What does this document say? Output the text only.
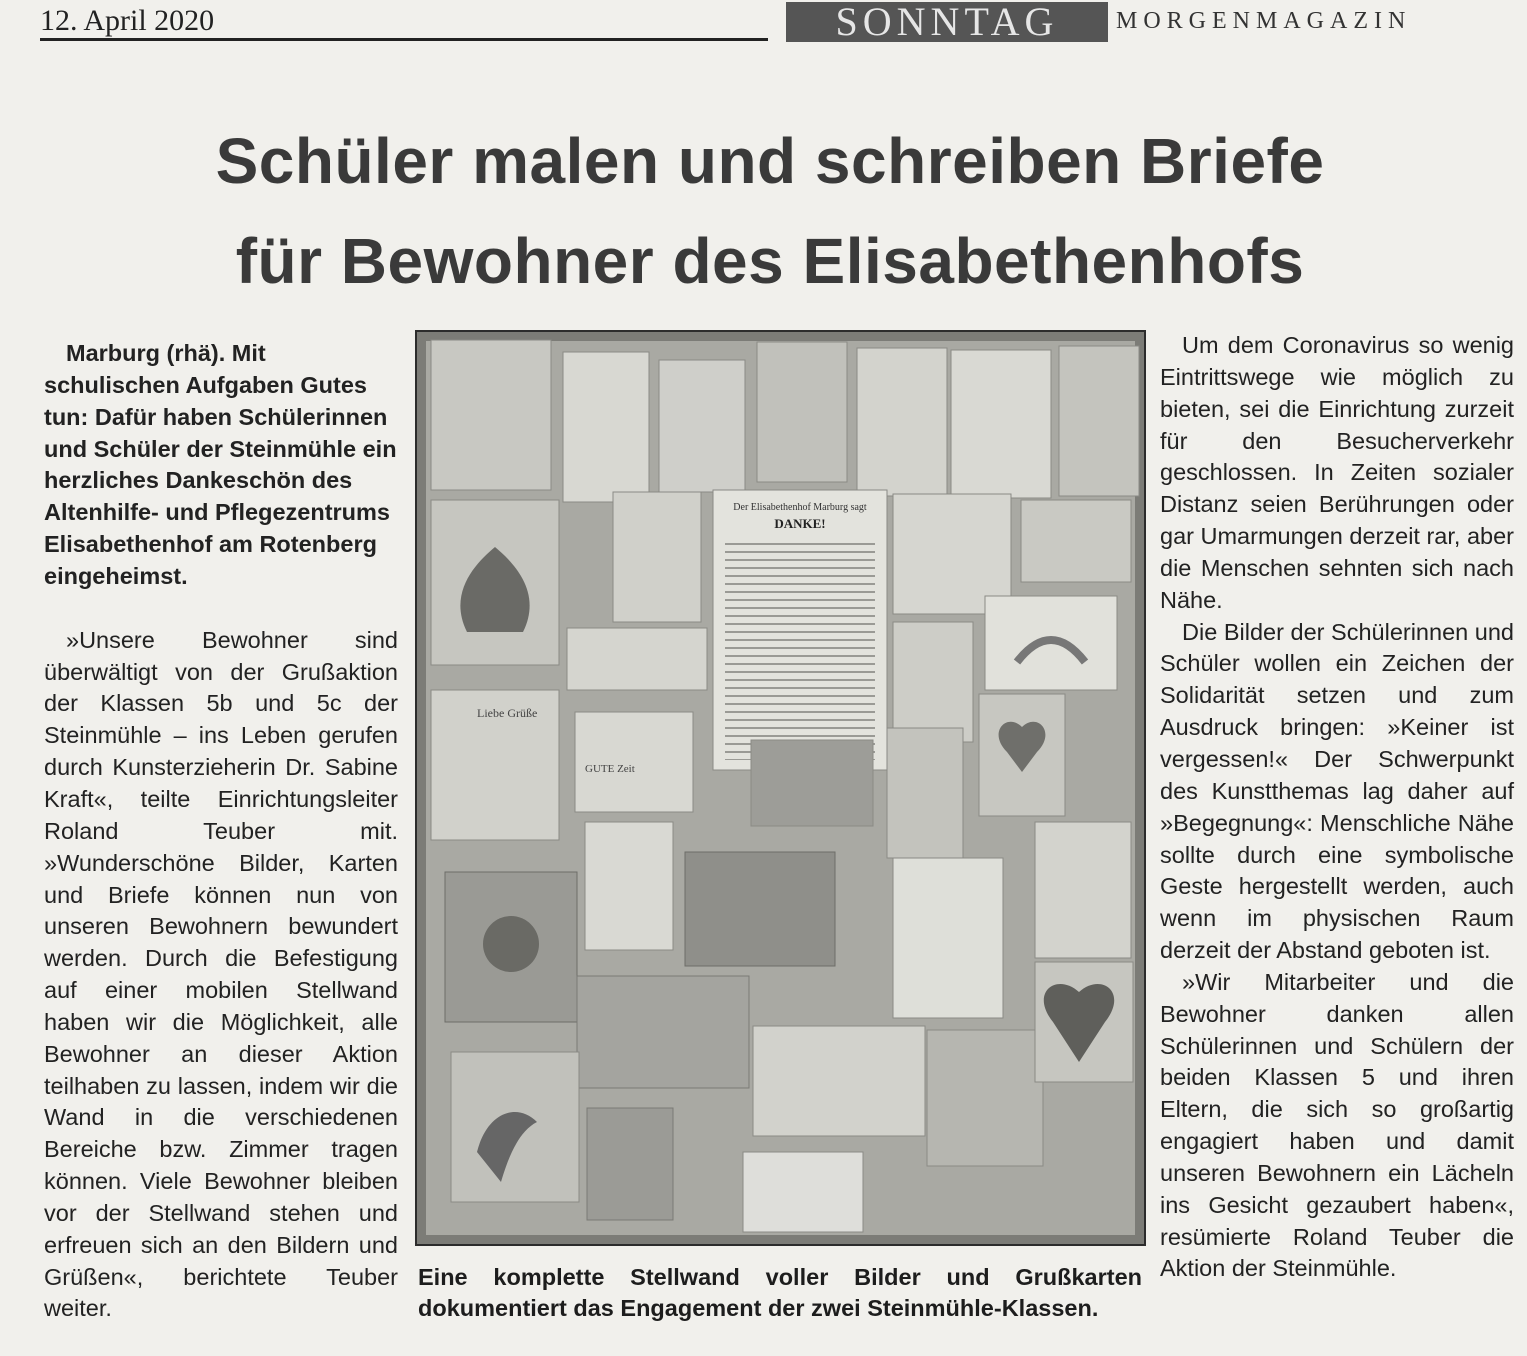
12. April 2020	SONNTAG MORGENMAGAZIN
Schüler malen und schreiben Briefe
für Bewohner des Elisabethenhofs

Marburg (rhä). Mit schulischen Aufgaben Gutes tun: Dafür haben Schülerinnen und Schüler der Steinmühle ein herzliches Dankeschön des Altenhilfe- und Pflegezentrums Elisabethenhof am Rotenberg eingeheimst.

»Unsere Bewohner sind überwältigt von der Grußaktion der Klassen 5b und 5c der Steinmühle – ins Leben gerufen durch Kunsterzieherin Dr. Sabine Kraft«, teilte Einrichtungsleiter Roland Teuber mit. »Wunderschöne Bilder, Karten und Briefe können nun von unseren Bewohnern bewundert werden. Durch die Befestigung auf einer mobilen Stellwand haben wir die Möglichkeit, alle Bewohner an dieser Aktion teilhaben zu lassen, indem wir die Wand in die verschiedenen Bereiche bzw. Zimmer tragen können. Viele Bewohner bleiben vor der Stellwand stehen und erfreuen sich an den Bildern und Grüßen«, berichtete Teuber weiter.

Der Elisabethenhof Marburg sagt
DANKE!
Liebe Grüße
GUTE Zeit
Eine komplette Stellwand voller Bilder und Grußkarten dokumentiert das Engagement der zwei Steinmühle-Klassen.

Um dem Coronavirus so wenig Eintrittswege wie möglich zu bieten, sei die Einrichtung zurzeit für den Besucherverkehr geschlossen. In Zeiten sozialer Distanz seien Berührungen oder gar Umarmungen derzeit rar, aber die Menschen sehnten sich nach Nähe.

Die Bilder der Schülerinnen und Schüler wollen ein Zeichen der Solidarität setzen und zum Ausdruck bringen: »Keiner ist vergessen!« Der Schwerpunkt des Kunstthemas lag daher auf »Begegnung«: Menschliche Nähe sollte durch eine symbolische Geste hergestellt werden, auch wenn im physischen Raum derzeit der Abstand geboten ist.

»Wir Mitarbeiter und die Bewohner danken allen Schülerinnen und Schülern der beiden Klassen 5 und ihren Eltern, die sich so großartig engagiert haben und damit unseren Bewohnern ein Lächeln ins Gesicht gezaubert haben«, resümierte Roland Teuber die Aktion der Steinmühle.
